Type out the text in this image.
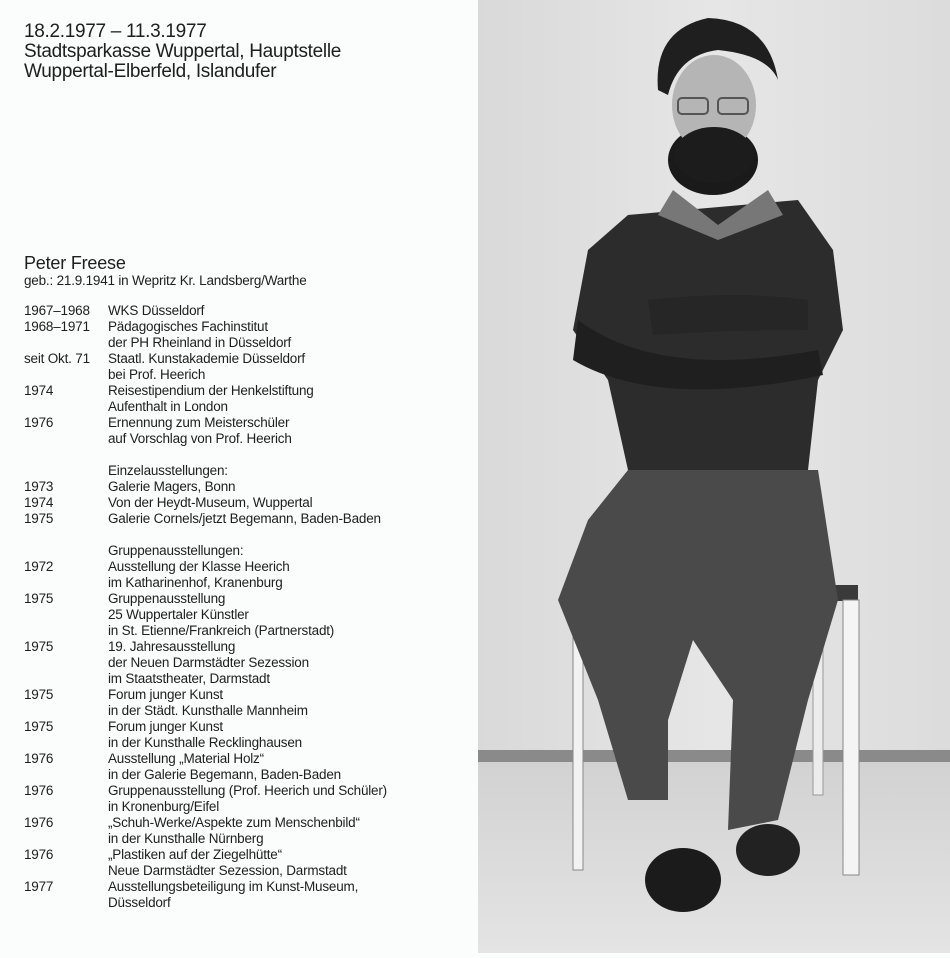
18.2.1977 – 11.3.1977
Stadtsparkasse Wuppertal, Hauptstelle
Wuppertal-Elberfeld, Islandufer
Peter Freese
geb.: 21.9.1941 in Wepritz Kr. Landsberg/Warthe
1967–1968	WKS Düsseldorf
1968–1971	Pädagogisches Fachinstitut
der PH Rheinland in Düsseldorf
seit Okt. 71	Staatl. Kunstakademie Düsseldorf
bei Prof. Heerich
1974	Reisestipendium der Henkelstiftung
Aufenthalt in London
1976	Ernennung zum Meisterschüler
auf Vorschlag von Prof. Heerich
Einzelausstellungen:
1973	Galerie Magers, Bonn
1974	Von der Heydt-Museum, Wuppertal
1975	Galerie Cornels/jetzt Begemann, Baden-Baden
Gruppenausstellungen:
1972	Ausstellung der Klasse Heerich
im Katharinenhof, Kranenburg
1975	Gruppenausstellung
25 Wuppertaler Künstler
in St. Etienne/Frankreich (Partnerstadt)
1975	19. Jahresausstellung
der Neuen Darmstädter Sezession
im Staatstheater, Darmstadt
1975	Forum junger Kunst
in der Städt. Kunsthalle Mannheim
1975	Forum junger Kunst
in der Kunsthalle Recklinghausen
1976	Ausstellung „Material Holz“
in der Galerie Begemann, Baden-Baden
1976	Gruppenausstellung (Prof. Heerich und Schüler)
in Kronenburg/Eifel
1976	„Schuh-Werke/Aspekte zum Menschenbild“
in der Kunsthalle Nürnberg
1976	„Plastiken auf der Ziegelhütte“
Neue Darmstädter Sezession, Darmstadt
1977	Ausstellungsbeteiligung im Kunst-Museum,
Düsseldorf
